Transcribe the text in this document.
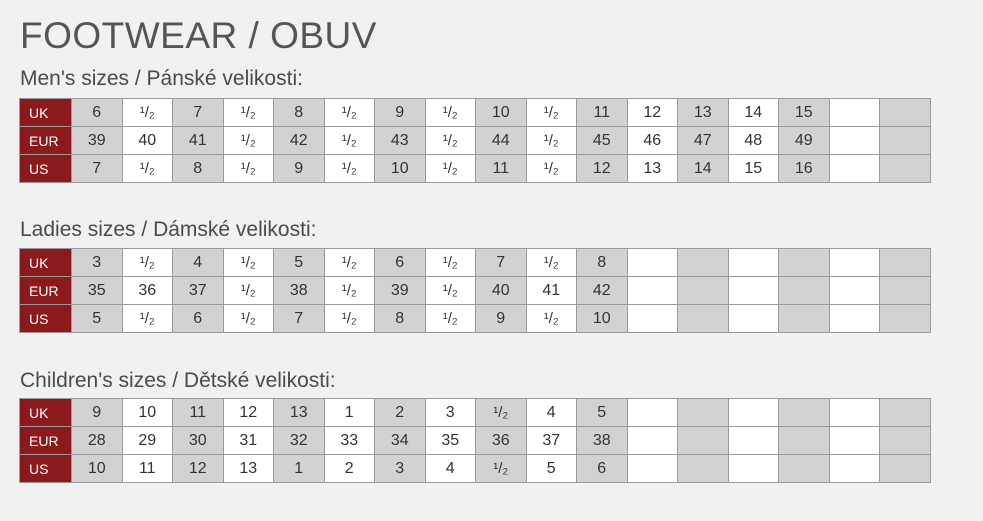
FOOTWEAR / OBUV
Men's sizes / Pánské velikosti:
UK	6	¹/₂	7	¹/₂	8	¹/₂	9	¹/₂	10	¹/₂	11	12	13	14	15		
EUR	39	40	41	¹/₂	42	¹/₂	43	¹/₂	44	¹/₂	45	46	47	48	49		
US	7	¹/₂	8	¹/₂	9	¹/₂	10	¹/₂	11	¹/₂	12	13	14	15	16		
Ladies sizes / Dámské velikosti:
UK	3	¹/₂	4	¹/₂	5	¹/₂	6	¹/₂	7	¹/₂	8						
EUR	35	36	37	¹/₂	38	¹/₂	39	¹/₂	40	41	42						
US	5	¹/₂	6	¹/₂	7	¹/₂	8	¹/₂	9	¹/₂	10						
Children's sizes / Dětské velikosti:
UK	9	10	11	12	13	1	2	3	¹/₂	4	5						
EUR	28	29	30	31	32	33	34	35	36	37	38						
US	10	11	12	13	1	2	3	4	¹/₂	5	6						
